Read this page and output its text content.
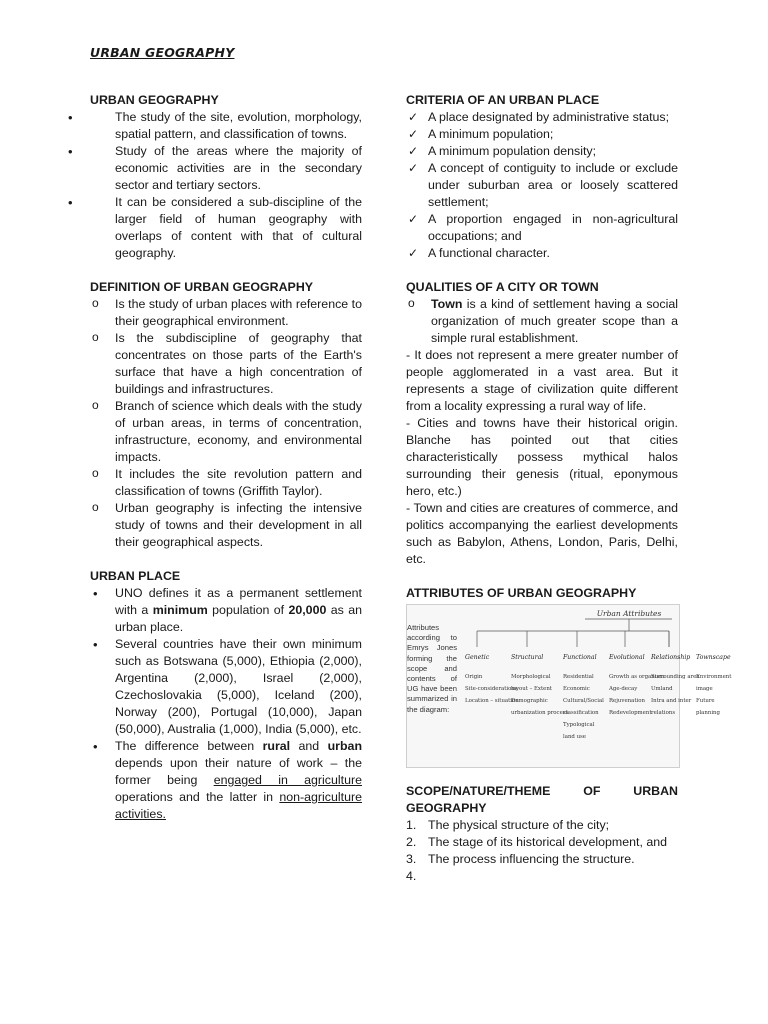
URBAN GEOGRAPHY

URBAN GEOGRAPHY

• The study of the site, evolution, morphology, spatial pattern, and classification of towns.
• Study of the areas where the majority of economic activities are in the secondary sector and tertiary sectors.
• It can be considered a sub-discipline of the larger field of human geography with overlaps of content with that of cultural geography.

DEFINITION OF URBAN GEOGRAPHY

o Is the study of urban places with reference to their geographical environment.
o Is the subdiscipline of geography that concentrates on those parts of the Earth's surface that have a high concentration of buildings and infrastructures.
o Branch of science which deals with the study of urban areas, in terms of concentration, infrastructure, economy, and environmental impacts.
o It includes the site revolution pattern and classification of towns (Griffith Taylor).
o Urban geography is infecting the intensive study of towns and their development in all their geographical aspects.

URBAN PLACE

• UNO defines it as a permanent settlement with a minimum population of 20,000 as an urban place.
• Several countries have their own minimum such as Botswana (5,000), Ethiopia (2,000), Argentina (2,000), Israel (2,000), Czechoslovakia (5,000), Iceland (200), Norway (200), Portugal (10,000), Japan (50,000), Australia (1,000), India (5,000), etc.
• The difference between rural and urban depends upon their nature of work – the former being engaged in agriculture operations and the latter in non-agriculture activities.

CRITERIA OF AN URBAN PLACE

✓ A place designated by administrative status;
✓ A minimum population;
✓ A minimum population density;
✓ A concept of contiguity to include or exclude under suburban area or loosely scattered settlement;
✓ A proportion engaged in non-agricultural occupations; and
✓ A functional character.

QUALITIES OF A CITY OR TOWN

o Town is a kind of settlement having a social organization of much greater scope than a simple rural establishment.

- It does not represent a mere greater number of people agglomerated in a vast area. But it represents a stage of civilization quite different from a locality expressing a rural way of life.

- Cities and towns have their historical origin. Blanche has pointed out that cities characteristically possess mythical halos surrounding their genesis (ritual, eponymous hero, etc.)

- Town and cities are creatures of commerce, and politics accompanying the earliest developments such as Babylon, Athens, London, Paris, Delhi, etc.

ATTRIBUTES OF URBAN GEOGRAPHY

Attributes according to Emrys Jones forming the scope and contents of UG have been summarized in the diagram:
Urban Attributes
Genetic
Origin
Site-considerations
Location – situation
Structural
Morphological
layout – Extent
Demographic
urbanization process
Functional
Residential
Economic
Cultural/Social
classification
Typological
land use
Evolutional
Growth as organism
Age-decay
Rejuvenation
Redevelopment
Relationship
Surrounding area
Umland
Intra and inter
relations
Townscape
Environment
image
Future
planning
SCOPE/NATURE/THEME	OF	URBAN

GEOGRAPHY

1. The physical structure of the city;
2. The stage of its historical development, and
3. The process influencing the structure.
4.
